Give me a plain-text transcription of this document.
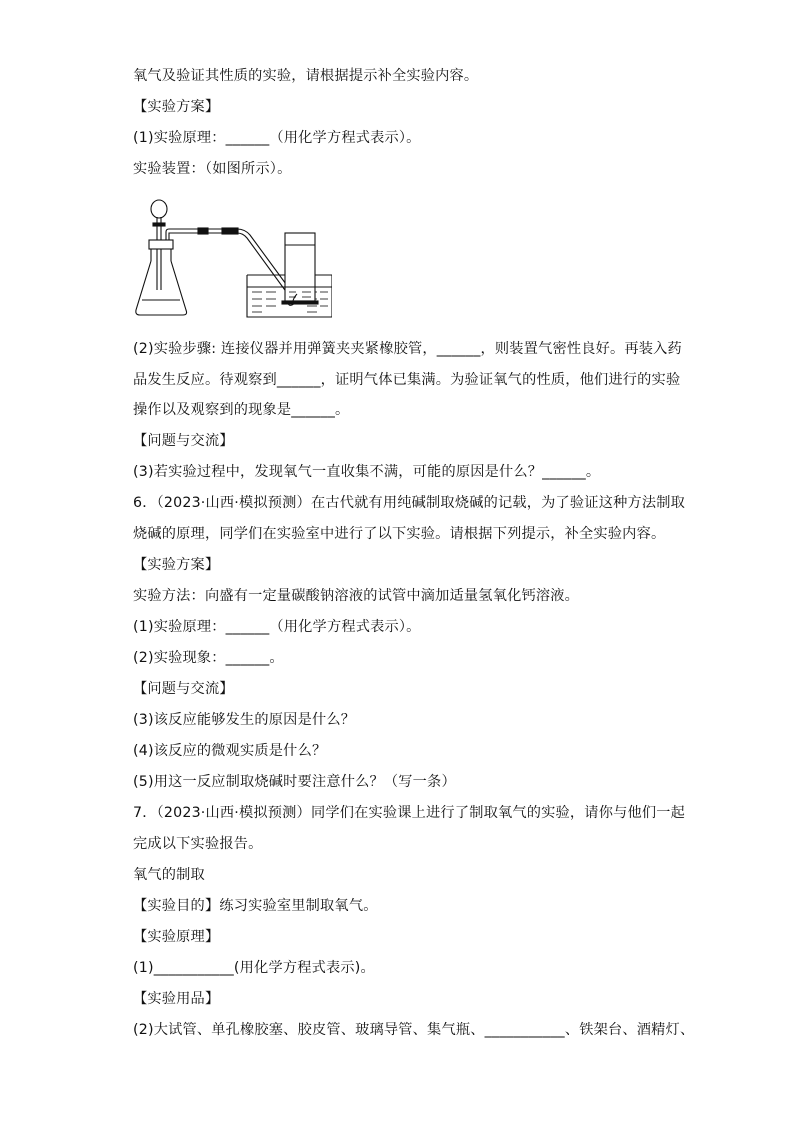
氧气及验证其性质的实验，请根据提示补全实验内容。
【实验方案】
(1)实验原理：______（用化学方程式表示）。
实验装置：（如图所示）。
(2)实验步骤: 连接仪器并用弹簧夹夹紧橡胶管，______，则装置气密性良好。再装入药
品发生反应。待观察到______，证明气体已集满。为验证氧气的性质，他们进行的实验
操作以及观察到的现象是______。
【问题与交流】
(3)若实验过程中，发现氧气一直收集不满，可能的原因是什么？______。
6．（2023·山西·模拟预测）在古代就有用纯碱制取烧碱的记载，为了验证这种方法制取
烧碱的原理，同学们在实验室中进行了以下实验。请根据下列提示，补全实验内容。
【实验方案】
实验方法：向盛有一定量碳酸钠溶液的试管中滴加适量氢氧化钙溶液。
(1)实验原理：______（用化学方程式表示）。
(2)实验现象：______。
【问题与交流】
(3)该反应能够发生的原因是什么？
(4)该反应的微观实质是什么？
(5)用这一反应制取烧碱时要注意什么？（写一条）
7．（2023·山西·模拟预测）同学们在实验课上进行了制取氧气的实验，请你与他们一起
完成以下实验报告。
氧气的制取
【实验目的】练习实验室里制取氧气。
【实验原理】
(1)___________(用化学方程式表示)。
【实验用品】
(2)大试管、单孔橡胶塞、胶皮管、玻璃导管、集气瓶、___________、铁架台、酒精灯、
